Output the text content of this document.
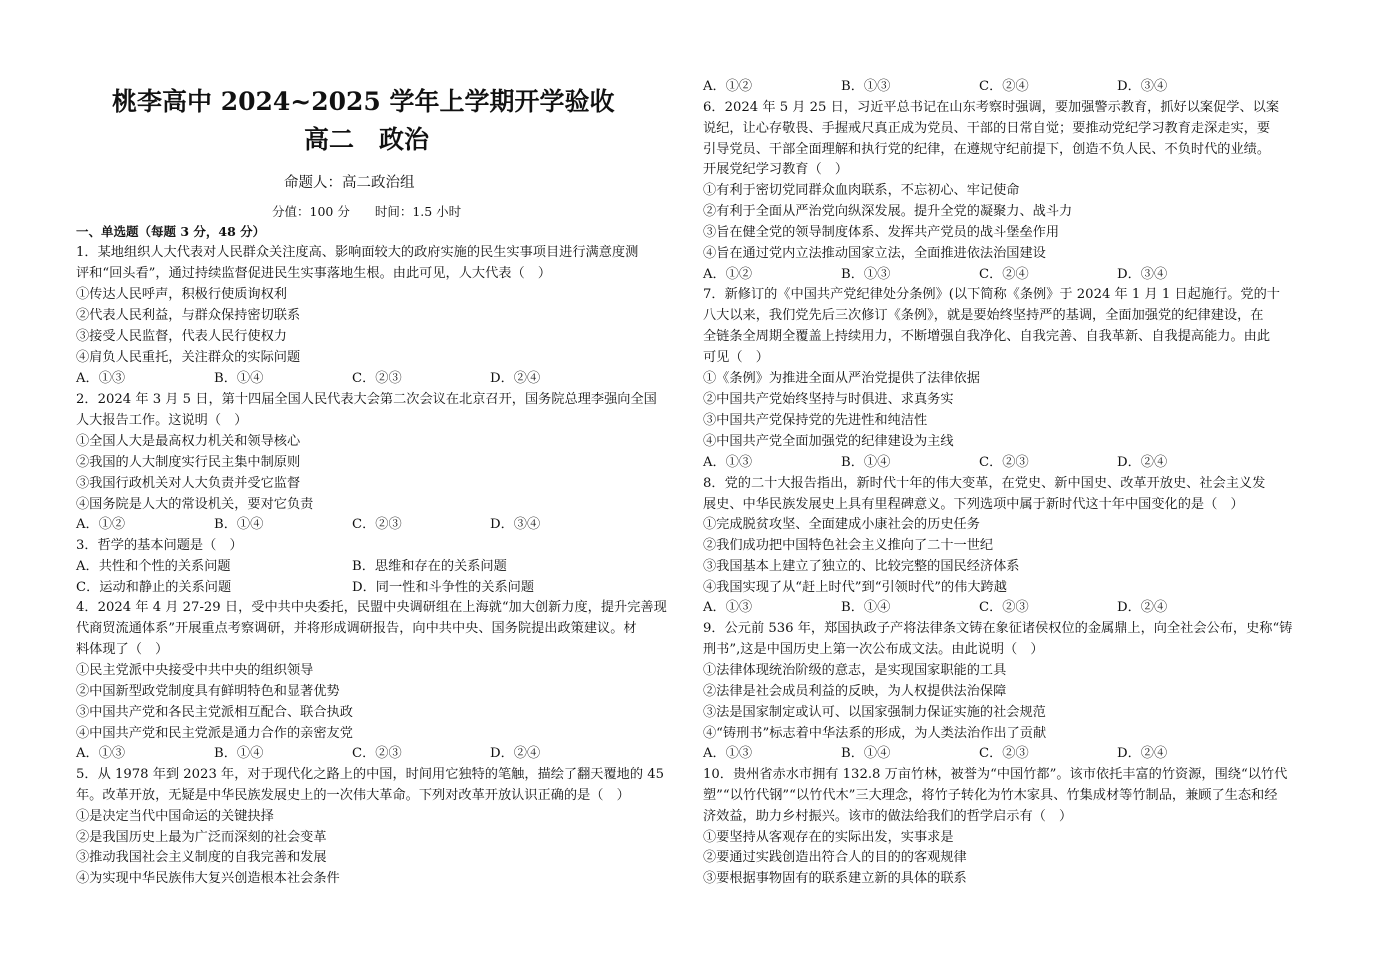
桃李高中 2024~2025 学年上学期开学验收
高二　政治
命题人：高二政治组
分值：100 分　　时间：1.5 小时
一、单选题（每题 3 分，48 分）
1．某地组织人大代表对人民群众关注度高、影响面较大的政府实施的民生实事项目进行满意度测
评和“回头看”，通过持续监督促进民生实事落地生根。由此可见，人大代表（　）
①传达人民呼声，积极行使质询权利
②代表人民利益，与群众保持密切联系
③接受人民监督，代表人民行使权力
④肩负人民重托，关注群众的实际问题
A．①③	B．①④	C．②③	D．②④
2．2024 年 3 月 5 日，第十四届全国人民代表大会第二次会议在北京召开，国务院总理李强向全国
人大报告工作。这说明（　）
①全国人大是最高权力机关和领导核心
②我国的人大制度实行民主集中制原则
③我国行政机关对人大负责并受它监督
④国务院是人大的常设机关，要对它负责
A．①②	B．①④	C．②③	D．③④
3．哲学的基本问题是（　）
A．共性和个性的关系问题	B．思维和存在的关系问题
C．运动和静止的关系问题	D．同一性和斗争性的关系问题
4．2024 年 4 月 27-29 日，受中共中央委托，民盟中央调研组在上海就“加大创新力度，提升完善现
代商贸流通体系”开展重点考察调研，并将形成调研报告，向中共中央、国务院提出政策建议。材
料体现了（　）
①民主党派中央接受中共中央的组织领导
②中国新型政党制度具有鲜明特色和显著优势
③中国共产党和各民主党派相互配合、联合执政
④中国共产党和民主党派是通力合作的亲密友党
A．①③	B．①④	C．②③	D．②④
5．从 1978 年到 2023 年，对于现代化之路上的中国，时间用它独特的笔触，描绘了翻天覆地的 45
年。改革开放，无疑是中华民族发展史上的一次伟大革命。下列对改革开放认识正确的是（　）
①是决定当代中国命运的关键抉择
②是我国历史上最为广泛而深刻的社会变革
③推动我国社会主义制度的自我完善和发展
④为实现中华民族伟大复兴创造根本社会条件
A．①②	B．①③	C．②④	D．③④
6．2024 年 5 月 25 日，习近平总书记在山东考察时强调，要加强警示教育，抓好以案促学、以案
说纪，让心存敬畏、手握戒尺真正成为党员、干部的日常自觉；要推动党纪学习教育走深走实，要
引导党员、干部全面理解和执行党的纪律，在遵规守纪前提下，创造不负人民、不负时代的业绩。
开展党纪学习教育（　）
①有利于密切党同群众血肉联系，不忘初心、牢记使命
②有利于全面从严治党向纵深发展。提升全党的凝聚力、战斗力
③旨在健全党的领导制度体系、发挥共产党员的战斗堡垒作用
④旨在通过党内立法推动国家立法，全面推进依法治国建设
A．①②	B．①③	C．②④	D．③④
7．新修订的《中国共产党纪律处分条例》(以下简称《条例》于 2024 年 1 月 1 日起施行。党的十
八大以来，我们党先后三次修订《条例》，就是要始终坚持严的基调，全面加强党的纪律建设，在
全链条全周期全覆盖上持续用力，不断增强自我净化、自我完善、自我革新、自我提高能力。由此
可见（　）
①《条例》为推进全面从严治党提供了法律依据
②中国共产党始终坚持与时俱进、求真务实
③中国共产党保持党的先进性和纯洁性
④中国共产党全面加强党的纪律建设为主线
A．①③	B．①④	C．②③	D．②④
8．党的二十大报告指出，新时代十年的伟大变革，在党史、新中国史、改革开放史、社会主义发
展史、中华民族发展史上具有里程碑意义。下列选项中属于新时代这十年中国变化的是（　）
①完成脱贫攻坚、全面建成小康社会的历史任务
②我们成功把中国特色社会主义推向了二十一世纪
③我国基本上建立了独立的、比较完整的国民经济体系
④我国实现了从“赶上时代”到“引领时代”的伟大跨越
A．①③	B．①④	C．②③	D．②④
9．公元前 536 年，郑国执政子产将法律条文铸在象征诸侯权位的金属鼎上，向全社会公布，史称“铸
刑书”,这是中国历史上第一次公布成文法。由此说明（　）
①法律体现统治阶级的意志，是实现国家职能的工具
②法律是社会成员利益的反映，为人权提供法治保障
③法是国家制定或认可、以国家强制力保证实施的社会规范
④“铸刑书”标志着中华法系的形成，为人类法治作出了贡献
A．①③	B．①④	C．②③	D．②④
10．贵州省赤水市拥有 132.8 万亩竹林，被誉为“中国竹都”。该市依托丰富的竹资源，围绕“以竹代
塑”“以竹代钢”“以竹代木”三大理念，将竹子转化为竹木家具、竹集成材等竹制品，兼顾了生态和经
济效益，助力乡村振兴。该市的做法给我们的哲学启示有（　）
①要坚持从客观存在的实际出发，实事求是
②要通过实践创造出符合人的目的的客观规律
③要根据事物固有的联系建立新的具体的联系
